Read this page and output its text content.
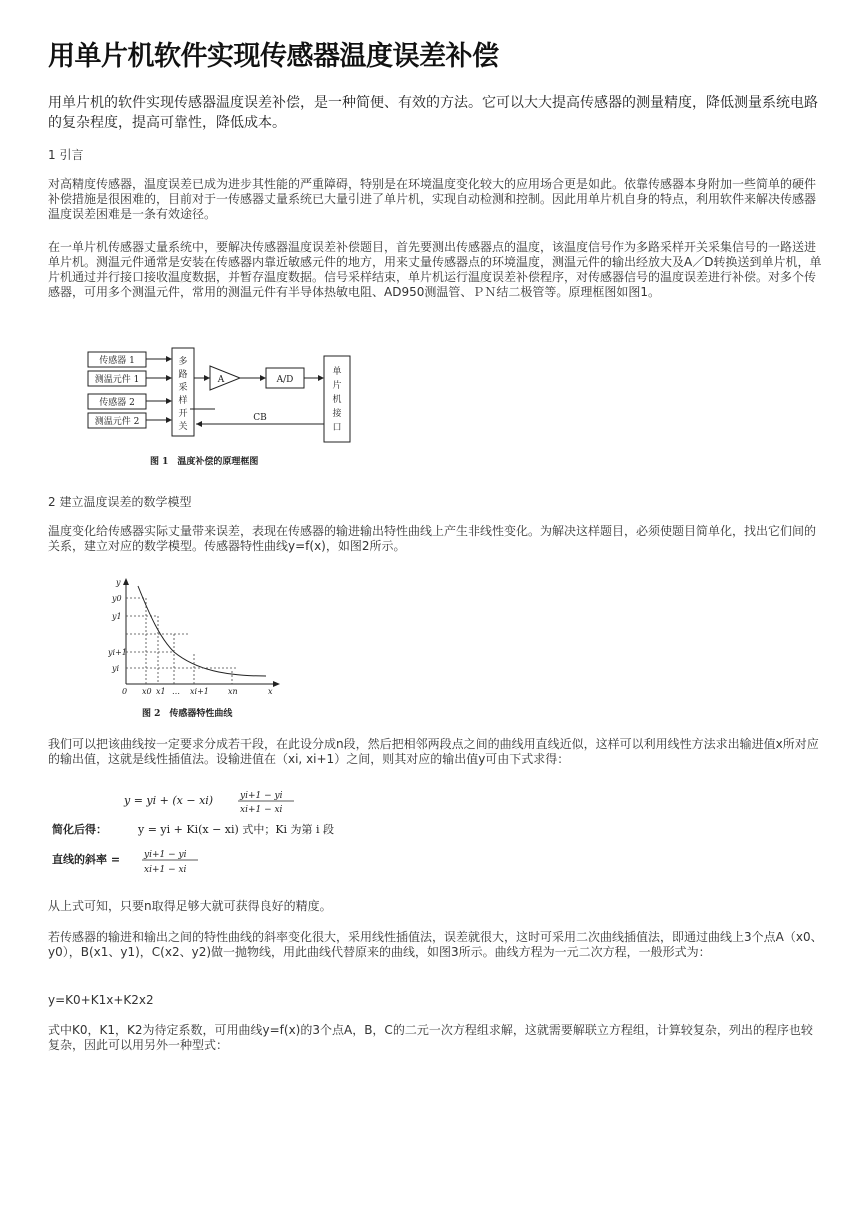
用单片机软件实现传感器温度误差补偿

用单片机的软件实现传感器温度误差补偿，是一种简便、有效的方法。它可以大大提高传感器的测量精度，降低测量系统电路的复杂程度，提高可靠性，降低成本。

1 引言

对高精度传感器，温度误差已成为进步其性能的严重障碍，特别是在环境温度变化较大的应用场合更是如此。依靠传感器本身附加一些简单的硬件补偿措施是很困难的，目前对于一传感器丈量系统已大量引进了单片机，实现自动检测和控制。因此用单片机自身的特点，利用软件来解决传感器温度误差困难是一条有效途径。

在一单片机传感器丈量系统中，要解决传感器温度误差补偿题目，首先要测出传感器点的温度，该温度信号作为多路采样开关采集信号的一路送进单片机。测温元件通常是安装在传感器内靠近敏感元件的地方，用来丈量传感器点的环境温度，测温元件的输出经放大及A／D转换送到单片机，单片机通过并行接口接收温度数据，并暂存温度数据。信号采样结束，单片机运行温度误差补偿程序，对传感器信号的温度误差进行补偿。对多个传感器，可用多个测温元件，常用的测温元件有半导体热敏电阻、AD950测温管、ＰＮ结二极管等。原理框图如图1。

传感器 1
测温元件 1
传感器 2
测温元件 2
多
路
采
样
开
关
A	A/D
单
片
机
接
口
CB
图 1　温度补偿的原理框图

2 建立温度误差的数学模型

温度变化给传感器实际丈量带来误差，表现在传感器的输进输出特性曲线上产生非线性变化。为解决这样题目，必须使题目简单化，找出它们间的关系，建立对应的数学模型。传感器特性曲线y=f(x)，如图2所示。

y
x
0
y0
y1
yi+1
yi
x0 x1 … xi+1 xn
图 2　传感器特性曲线

我们可以把该曲线按一定要求分成若干段，在此设分成n段，然后把相邻两段点之间的曲线用直线近似，这样可以利用线性方法求出输进值x所对应的输出值，这就是线性插值法。设输进值在（xi, xi+1）之间，则其对应的输出值y可由下式求得：

y = yi + (x − xi)	yi+1 − yi
xi+1 − xi
简化后得：	y = yi + Ki(x − xi) 式中；Ki 为第 i 段
直线的斜率 =	yi+1 − yi
xi+1 − xi

从上式可知，只要n取得足够大就可获得良好的精度。

若传感器的输进和输出之间的特性曲线的斜率变化很大，采用线性插值法，误差就很大，这时可采用二次曲线插值法，即通过曲线上3个点A（x0、y0），B(x1、y1)，C(x2、y2)做一抛物线，用此曲线代替原来的曲线，如图3所示。曲线方程为一元二次方程，一般形式为：

y=K0+K1x+K2x2

式中K0，K1，K2为待定系数，可用曲线y=f(x)的3个点A，B，C的二元一次方程组求解，这就需要解联立方程组，计算较复杂，列出的程序也较复杂，因此可以用另外一种型式：
